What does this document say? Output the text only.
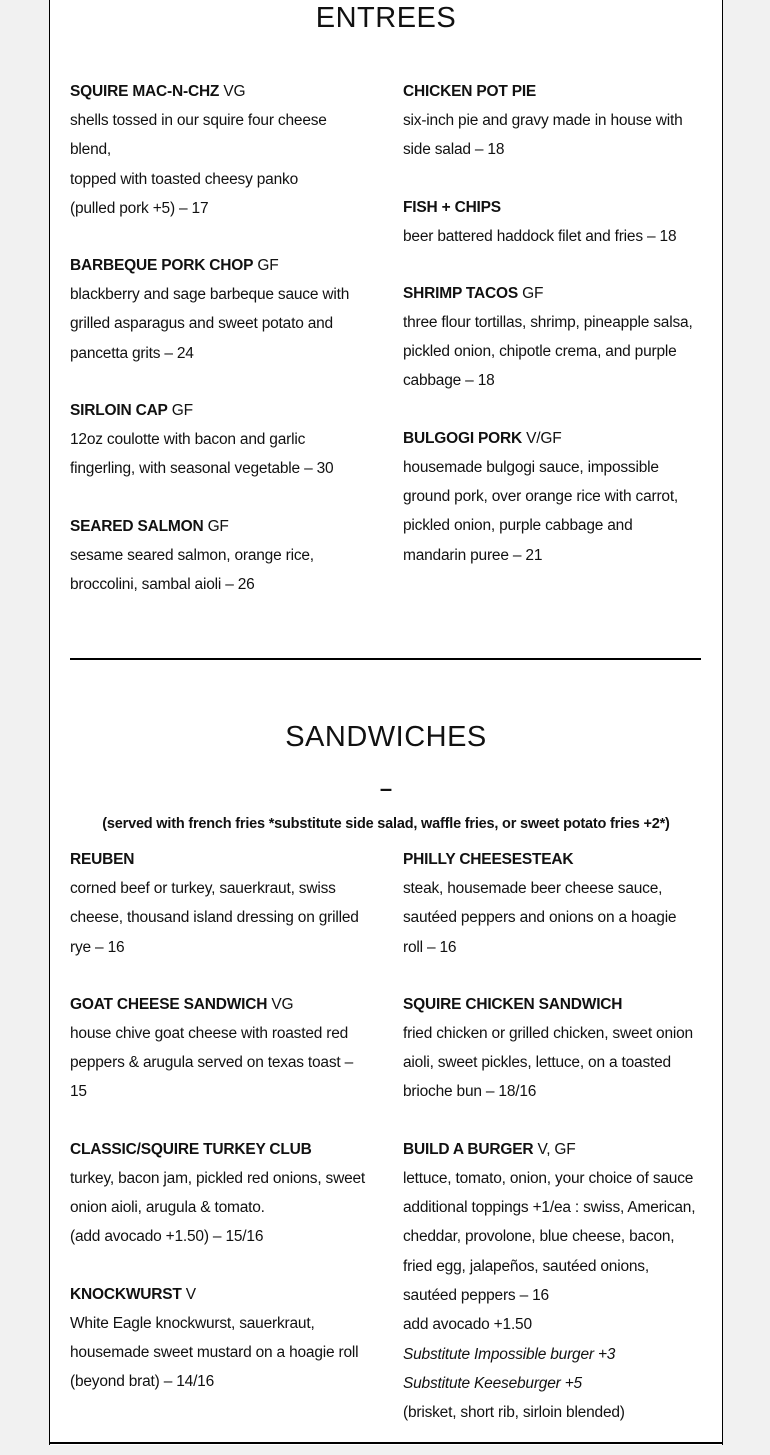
ENTREES
SQUIRE MAC-N-CHZ VG
shells tossed in our squire four cheese
blend,
topped with toasted cheesy panko
(pulled pork +5) – 17
BARBEQUE PORK CHOP GF
blackberry and sage barbeque sauce with
grilled asparagus and sweet potato and
pancetta grits – 24
SIRLOIN CAP GF
12oz coulotte with bacon and garlic
fingerling, with seasonal vegetable – 30
SEARED SALMON GF
sesame seared salmon, orange rice,
broccolini, sambal aioli – 26
CHICKEN POT PIE
six-inch pie and gravy made in house with
side salad – 18
FISH + CHIPS
beer battered haddock filet and fries – 18
SHRIMP TACOS GF
three flour tortillas, shrimp, pineapple salsa,
pickled onion, chipotle crema, and purple
cabbage – 18
BULGOGI PORK V/GF
housemade bulgogi sauce, impossible
ground pork, over orange rice with carrot,
pickled onion, purple cabbage and
mandarin puree – 21
SANDWICHES
–
(served with french fries *substitute side salad, waffle fries, or sweet potato fries +2*)
REUBEN
corned beef or turkey, sauerkraut, swiss
cheese, thousand island dressing on grilled
rye – 16
GOAT CHEESE SANDWICH VG
house chive goat cheese with roasted red
peppers & arugula served on texas toast –
15
CLASSIC/SQUIRE TURKEY CLUB
turkey, bacon jam, pickled red onions, sweet
onion aioli, arugula & tomato.
(add avocado +1.50) – 15/16
KNOCKWURST V
White Eagle knockwurst, sauerkraut,
housemade sweet mustard on a hoagie roll
(beyond brat) – 14/16
PHILLY CHEESESTEAK
steak, housemade beer cheese sauce,
sautéed peppers and onions on a hoagie
roll – 16
SQUIRE CHICKEN SANDWICH
fried chicken or grilled chicken, sweet onion
aioli, sweet pickles, lettuce, on a toasted
brioche bun – 18/16
BUILD A BURGER V, GF
lettuce, tomato, onion, your choice of sauce
additional toppings +1/ea : swiss, American,
cheddar, provolone, blue cheese, bacon,
fried egg, jalapeños, sautéed onions,
sautéed peppers – 16
add avocado +1.50
Substitute Impossible burger +3
Substitute Keeseburger +5
(brisket, short rib, sirloin blended)
